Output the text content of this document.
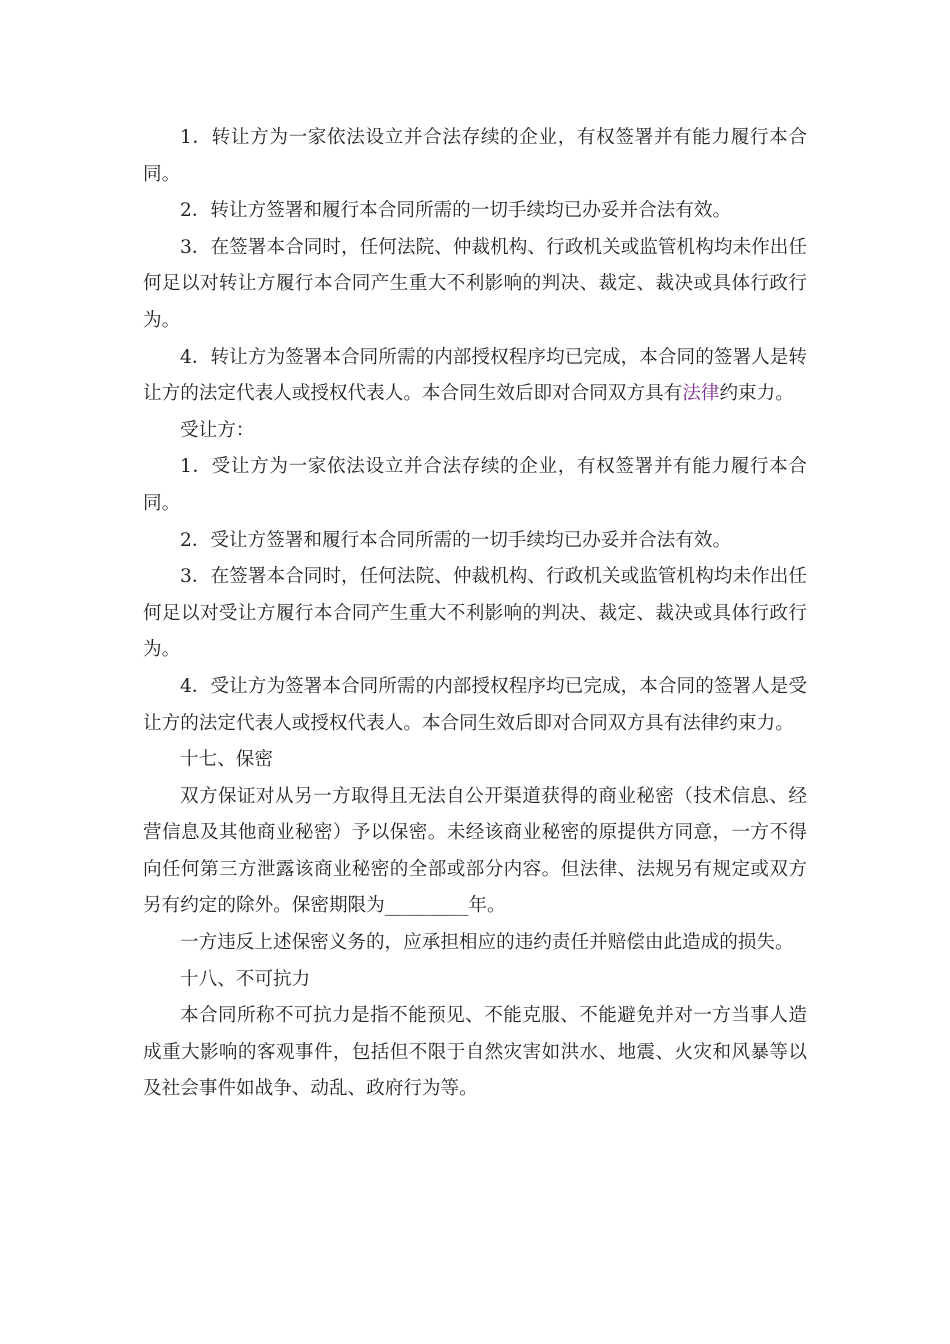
1．转让方为一家依法设立并合法存续的企业，有权签署并有能力履行本合同。

2．转让方签署和履行本合同所需的一切手续均已办妥并合法有效。

3．在签署本合同时，任何法院、仲裁机构、行政机关或监管机构均未作出任何足以对转让方履行本合同产生重大不利影响的判决、裁定、裁决或具体行政行为。

4．转让方为签署本合同所需的内部授权程序均已完成，本合同的签署人是转让方的法定代表人或授权代表人。本合同生效后即对合同双方具有法律约束力。

受让方：

1．受让方为一家依法设立并合法存续的企业，有权签署并有能力履行本合同。

2．受让方签署和履行本合同所需的一切手续均已办妥并合法有效。

3．在签署本合同时，任何法院、仲裁机构、行政机关或监管机构均未作出任何足以对受让方履行本合同产生重大不利影响的判决、裁定、裁决或具体行政行为。

4．受让方为签署本合同所需的内部授权程序均已完成，本合同的签署人是受让方的法定代表人或授权代表人。本合同生效后即对合同双方具有法律约束力。

十七、保密

双方保证对从另一方取得且无法自公开渠道获得的商业秘密（技术信息、经营信息及其他商业秘密）予以保密。未经该商业秘密的原提供方同意，一方不得向任何第三方泄露该商业秘密的全部或部分内容。但法律、法规另有规定或双方另有约定的除外。保密期限为_________年。

一方违反上述保密义务的，应承担相应的违约责任并赔偿由此造成的损失。

十八、不可抗力

本合同所称不可抗力是指不能预见、不能克服、不能避免并对一方当事人造成重大影响的客观事件，包括但不限于自然灾害如洪水、地震、火灾和风暴等以及社会事件如战争、动乱、政府行为等。
